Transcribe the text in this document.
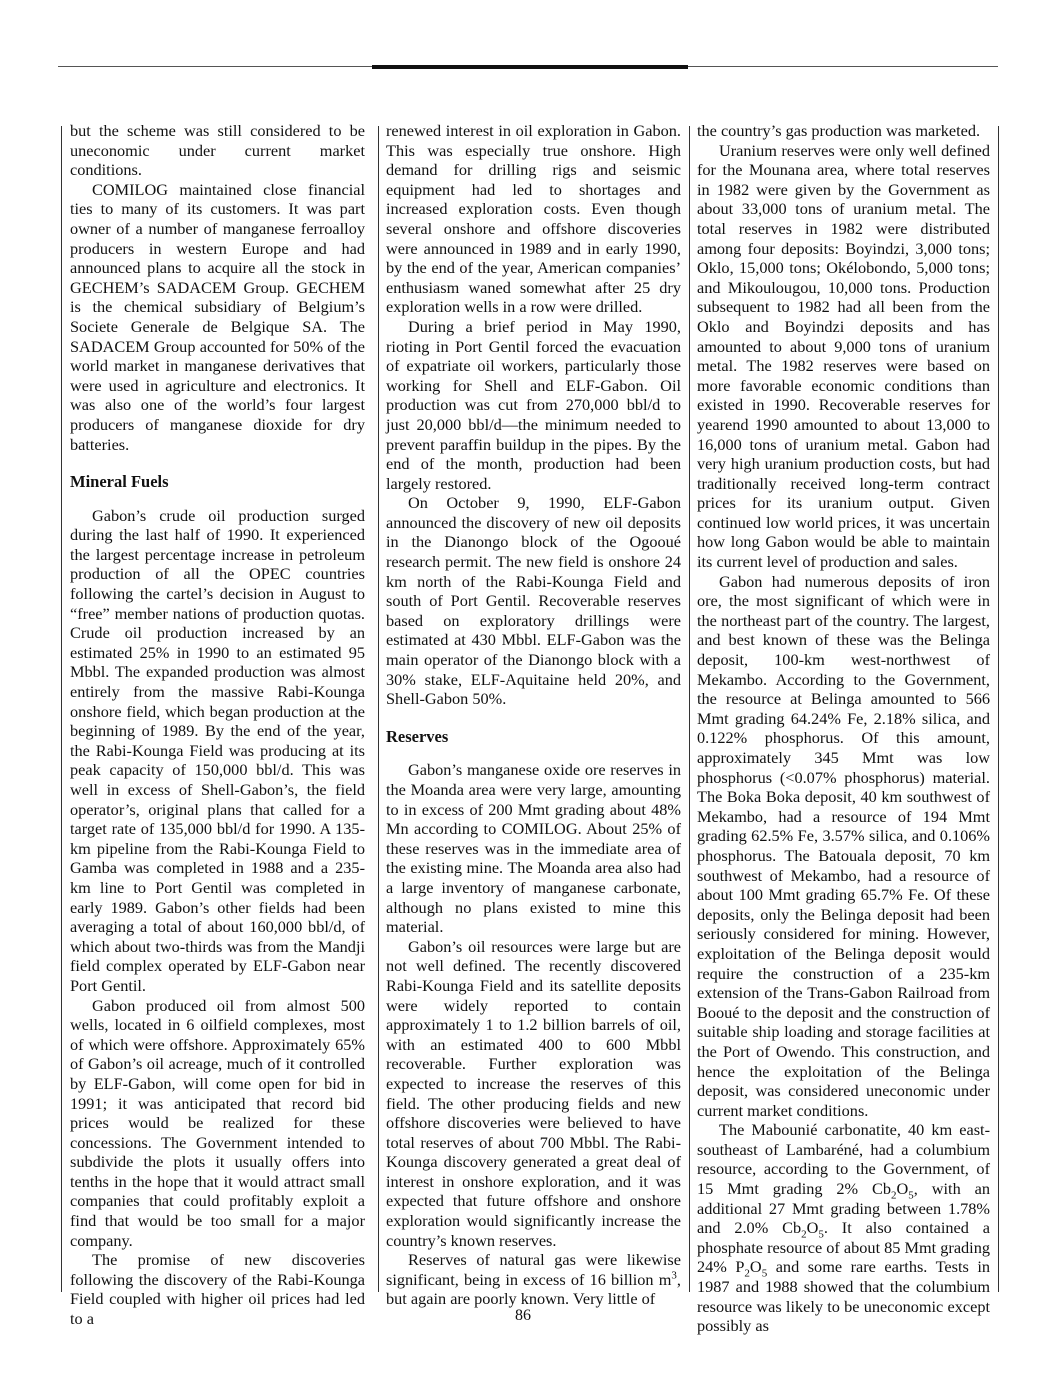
but the scheme was still considered to be uneconomic under current market conditions.

COMILOG maintained close financial ties to many of its customers. It was part owner of a number of manganese ferroalloy producers in western Europe and had announced plans to acquire all the stock in GECHEM’s SADACEM Group. GECHEM is the chemical subsidiary of Belgium’s Societe Generale de Belgique SA. The SADACEM Group accounted for 50% of the world market in manganese derivatives that were used in agriculture and electronics. It was also one of the world’s four largest producers of manganese dioxide for dry batteries.

Mineral Fuels

Gabon’s crude oil production surged during the last half of 1990. It experienced the largest percentage increase in petroleum production of all the OPEC countries following the cartel’s decision in August to “free” member nations of production quotas. Crude oil production increased by an estimated 25% in 1990 to an estimated 95 Mbbl. The expanded production was almost entirely from the massive Rabi-Kounga onshore field, which began production at the beginning of 1989. By the end of the year, the Rabi-Kounga Field was producing at its peak capacity of 150,000 bbl/d. This was well in excess of Shell-Gabon’s, the field operator’s, original plans that called for a target rate of 135,000 bbl/d for 1990. A 135-km pipeline from the Rabi-Kounga Field to Gamba was completed in 1988 and a 235-km line to Port Gentil was completed in early 1989. Gabon’s other fields had been averaging a total of about 160,000 bbl/d, of which about two-thirds was from the Mandji field complex operated by ELF-Gabon near Port Gentil.

Gabon produced oil from almost 500 wells, located in 6 oilfield complexes, most of which were offshore. Approximately 65% of Gabon’s oil acreage, much of it controlled by ELF-Gabon, will come open for bid in 1991; it was anticipated that record bid prices would be realized for these concessions. The Government intended to subdivide the plots it usually offers into tenths in the hope that it would attract small companies that could profitably exploit a find that would be too small for a major company.

The promise of new discoveries following the discovery of the Rabi-Kounga Field coupled with higher oil prices had led to a

renewed interest in oil exploration in Gabon. This was especially true onshore. High demand for drilling rigs and seismic equipment had led to shortages and increased exploration costs. Even though several onshore and offshore discoveries were announced in 1989 and in early 1990, by the end of the year, American companies’ enthusiasm waned somewhat after 25 dry exploration wells in a row were drilled.

During a brief period in May 1990, rioting in Port Gentil forced the evacuation of expatriate oil workers, particularly those working for Shell and ELF-Gabon. Oil production was cut from 270,000 bbl/d to just 20,000 bbl/d—the minimum needed to prevent paraffin buildup in the pipes. By the end of the month, production had been largely restored.

On October 9, 1990, ELF-Gabon announced the discovery of new oil deposits in the Dianongo block of the Ogooué research permit. The new field is onshore 24 km north of the Rabi-Kounga Field and south of Port Gentil. Recoverable reserves based on exploratory drillings were estimated at 430 Mbbl. ELF-Gabon was the main operator of the Dianongo block with a 30% stake, ELF-Aquitaine held 20%, and Shell-Gabon 50%.

Reserves

Gabon’s manganese oxide ore reserves in the Moanda area were very large, amounting to in excess of 200 Mmt grading about 48% Mn according to COMILOG. About 25% of these reserves was in the immediate area of the existing mine. The Moanda area also had a large inventory of manganese carbonate, although no plans existed to mine this material.

Gabon’s oil resources were large but are not well defined. The recently discovered Rabi-Kounga Field and its satellite deposits were widely reported to contain approximately 1 to 1.2 billion barrels of oil, with an estimated 400 to 600 Mbbl recoverable. Further exploration was expected to increase the reserves of this field. The other producing fields and new offshore discoveries were believed to have total reserves of about 700 Mbbl. The Rabi-Kounga discovery generated a great deal of interest in onshore exploration, and it was expected that future offshore and onshore exploration would significantly increase the country’s known reserves.

Reserves of natural gas were likewise significant, being in excess of 16 billion $m^3$, but again are poorly known. Very little of

the country’s gas production was marketed.

Uranium reserves were only well defined for the Mounana area, where total reserves in 1982 were given by the Government as about 33,000 tons of uranium metal. The total reserves in 1982 were distributed among four deposits: Boyindzi, 3,000 tons; Oklo, 15,000 tons; Okélobondo, 5,000 tons; and Mikoulougou, 10,000 tons. Production subsequent to 1982 had all been from the Oklo and Boyindzi deposits and has amounted to about 9,000 tons of uranium metal. The 1982 reserves were based on more favorable economic conditions than existed in 1990. Recoverable reserves for yearend 1990 amounted to about 13,000 to 16,000 tons of uranium metal. Gabon had very high uranium production costs, but had traditionally received long-term contract prices for its uranium output. Given continued low world prices, it was uncertain how long Gabon would be able to maintain its current level of production and sales.

Gabon had numerous deposits of iron ore, the most significant of which were in the northeast part of the country. The largest, and best known of these was the Belinga deposit, 100-km west-northwest of Mekambo. According to the Government, the resource at Belinga amounted to 566 Mmt grading 64.24% Fe, 2.18% silica, and 0.122% phosphorus. Of this amount, approximately 345 Mmt was low phosphorus (<0.07% phosphorus) material. The Boka Boka deposit, 40 km southwest of Mekambo, had a resource of 194 Mmt grading 62.5% Fe, 3.57% silica, and 0.106% phosphorus. The Batouala deposit, 70 km southwest of Mekambo, had a resource of about 100 Mmt grading 65.7% Fe. Of these deposits, only the Belinga deposit had been seriously considered for mining. However, exploitation of the Belinga deposit would require the construction of a 235-km extension of the Trans-Gabon Railroad from Booué to the deposit and the construction of suitable ship loading and storage facilities at the Port of Owendo. This construction, and hence the exploitation of the Belinga deposit, was considered uneconomic under current market conditions.

The Mabounié carbonatite, 40 km east-southeast of Lambaréné, had a columbium resource, according to the Government, of 15 Mmt grading 2% $Cb_2O_5$, with an additional 27 Mmt grading between 1.78% and 2.0% $Cb_2O_5$. It also contained a phosphate resource of about 85 Mmt grading 24% $P_2O_5$ and some rare earths. Tests in 1987 and 1988 showed that the columbium resource was likely to be uneconomic except possibly as

86
